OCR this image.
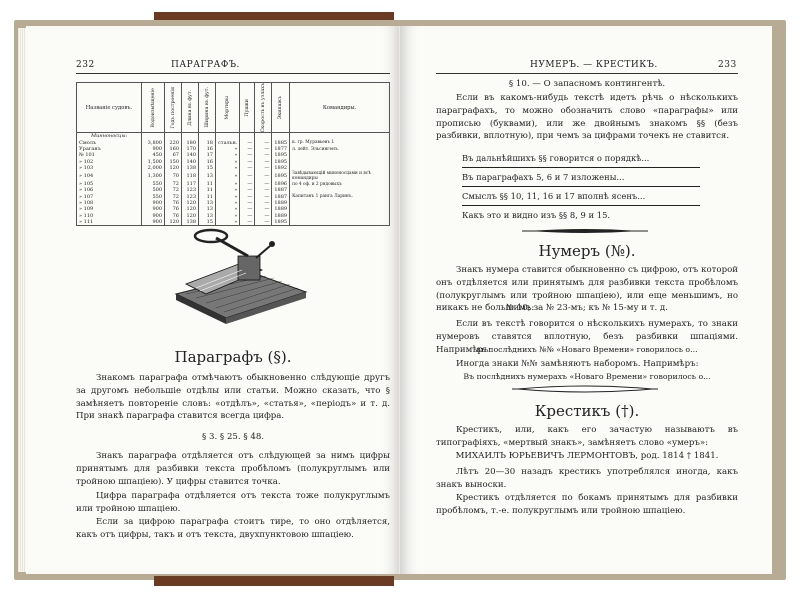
232	ПАРАГРАФЪ.
Названіе судовъ.	Водоизмѣщеніе	Годъ построенія	Длина въ фут.	Ширина въ фут.	Мортиры	Пушки	Скорость въ узлахъ	Экипажъ	Командиры.
Минноносцы:									
Смолъ	3,800	220	180	18	стальн.	—	—	1885	к. гр. Муравьевъ I.
Ураганъ	900	160	170	16	»	—	—	1877	л. лейт. Эльсингенъ.
№ 101	450	67	140	17	»	—	—	1895	
» 102	1,500	150	140	16	»	—	—	1895	
» 103	2,000	120	138	15	»	—	—	1892	
» 104	1,300	70	118	13	»	—	—	1895	Завѣдывающій миноносцами и всѣ командиры
» 105	550	72	117	11	»	—	—	1896	по 4 оф. и 2 рядовыхъ
» 106	500	72	123	11	»	—	—	1887	
» 107	550	72	123	11	»	—	—	1887	Капитанъ 1 ранга Ларинъ.
» 108	900	76	120	13	»	—	—	1889	
» 109	900	76	120	13	»	—	—	1889	
» 110	900	76	120	13	»	—	—	1889	
» 111	900	120	138	15	»	—	—	1895	
Параграфъ (§).
Знакомъ параграфа отмѣчаютъ обыкновенно слѣдующіе другъ за другомъ небольшіе отдѣлы или статьи. Можно сказать, что § замѣняетъ повтореніе словъ: «отдѣлъ», «статья», «періодъ» и т. д. При знакѣ параграфа ставится всегда цифра.
§ 3. § 25. § 48.
Знакъ параграфа отдѣляется отъ слѣдующей за нимъ цифры принятымъ для разбивки текста пробѣломъ (полукруглымъ или тройною шпаціею). У цифры ставится точка.
Цифра параграфа отдѣляется отъ текста тоже полукруглымъ или тройною шпаціею.
Если за цифрою параграфа стоитъ тире, то оно отдѣляется, какъ отъ цифры, такъ и отъ текста, двухпунктовою шпаціею.
НУМЕРЪ. — КРЕСТИКЪ.	233
§ 10. — О запасномъ контингентѣ.
Если въ какомъ-нибудь текстѣ идетъ рѣчь о нѣсколькихъ параграфахъ, то можно обозначить слово «параграфы» или прописью (буквами), или же двойнымъ знакомъ §§ (безъ разбивки, вплотную), при чемъ за цифрами точекъ не ставится.
Въ дальнѣйшихъ §§ говорится о порядкѣ...
Въ параграфахъ 5, 6 и 7 изложены...
Смыслъ §§ 10, 11, 16 и 17 вполнѣ ясенъ...
Какъ это и видно изъ §§ 8, 9 и 15.
Нумеръ (№).
Знакъ нумера ставится обыкновенно съ цифрою, отъ которой онъ отдѣляется или принятымъ для разбивки текста пробѣломъ (полукруглымъ или тройною шпаціею), или еще меньшимъ, но никакъ не большимъ:
№ 10; за № 23-мъ; къ № 15-му и т. д.
Если въ текстѣ говорится о нѣсколькихъ нумерахъ, то знаки нумеровъ ставятся вплотную, безъ разбивки шпаціями. Напримѣръ:
въ послѣднихъ №№ «Новаго Времени» говорилось о...
Иногда знаки №№ замѣняютъ наборомъ. Напримѣръ:
Въ послѣднихъ нумерахъ «Новаго Времени» говорилось о...
Крестикъ (†).
Крестикъ, или, какъ его зачастую называютъ въ типографіяхъ, «мертвый знакъ», замѣняетъ слово «умеръ»:
МИХАИЛЪ ЮРЬЕВИЧЪ ЛЕРМОНТОВЪ, род. 1814 † 1841.
Лѣтъ 20—30 назадъ крестикъ употреблялся иногда, какъ знакъ выноски.
Крестикъ отдѣляется по бокамъ принятымъ для разбивки пробѣломъ, т.-е. полукруглымъ или тройною шпаціею.
